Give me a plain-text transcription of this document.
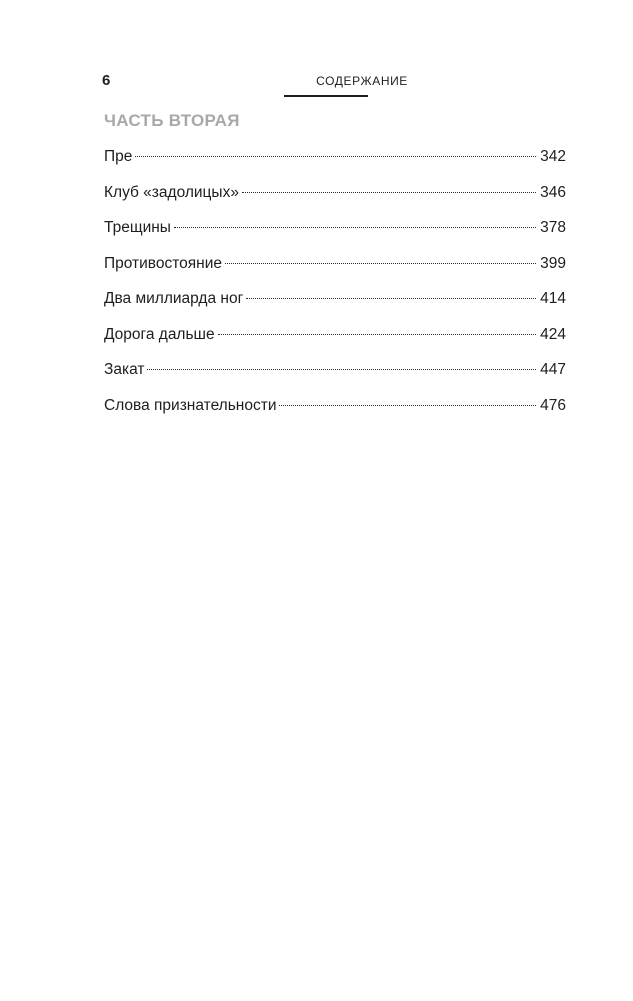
6	СОДЕРЖАНИЕ
ЧАСТЬ ВТОРАЯ
Пре	342
Клуб «задолицых»	346
Трещины	378
Противостояние	399
Два миллиарда ног	414
Дорога дальше	424
Закат	447
Слова признательности	476
